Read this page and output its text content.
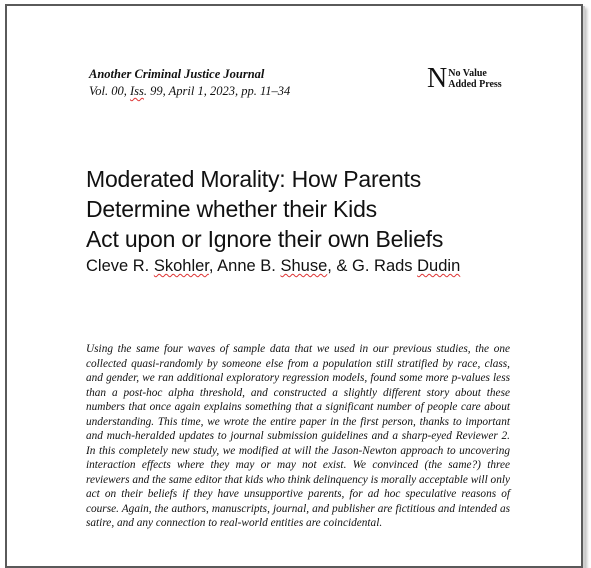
Another Criminal Justice Journal
Vol. 00, Iss. 99, April 1, 2023, pp. 11–34	N No Value
Added Press
Moderated Morality: How Parents
Determine whether their Kids
Act upon or Ignore their own Beliefs
Cleve R. Skohler, Anne B. Shuse, & G. Rads Dudin
Using the same four waves of sample data that we used in our previous studies, the one collected quasi-randomly by someone else from a population still stratified by race, class, and gender, we ran additional exploratory regression models, found some more p-values less than a post-hoc alpha threshold, and constructed a slightly different story about these numbers that once again explains something that a significant number of people care about understanding. This time, we wrote the entire paper in the first person, thanks to important and much-heralded updates to journal submission guidelines and a sharp-eyed Reviewer 2. In this completely new study, we modified at will the Jason-Newton approach to uncovering interaction effects where they may or may not exist. We convinced (the same?) three reviewers and the same editor that kids who think delinquency is morally acceptable will only act on their beliefs if they have unsupportive parents, for ad hoc speculative reasons of course. Again, the authors, manuscripts, journal, and publisher are fictitious and intended as satire, and any connection to real-world entities are coincidental.
